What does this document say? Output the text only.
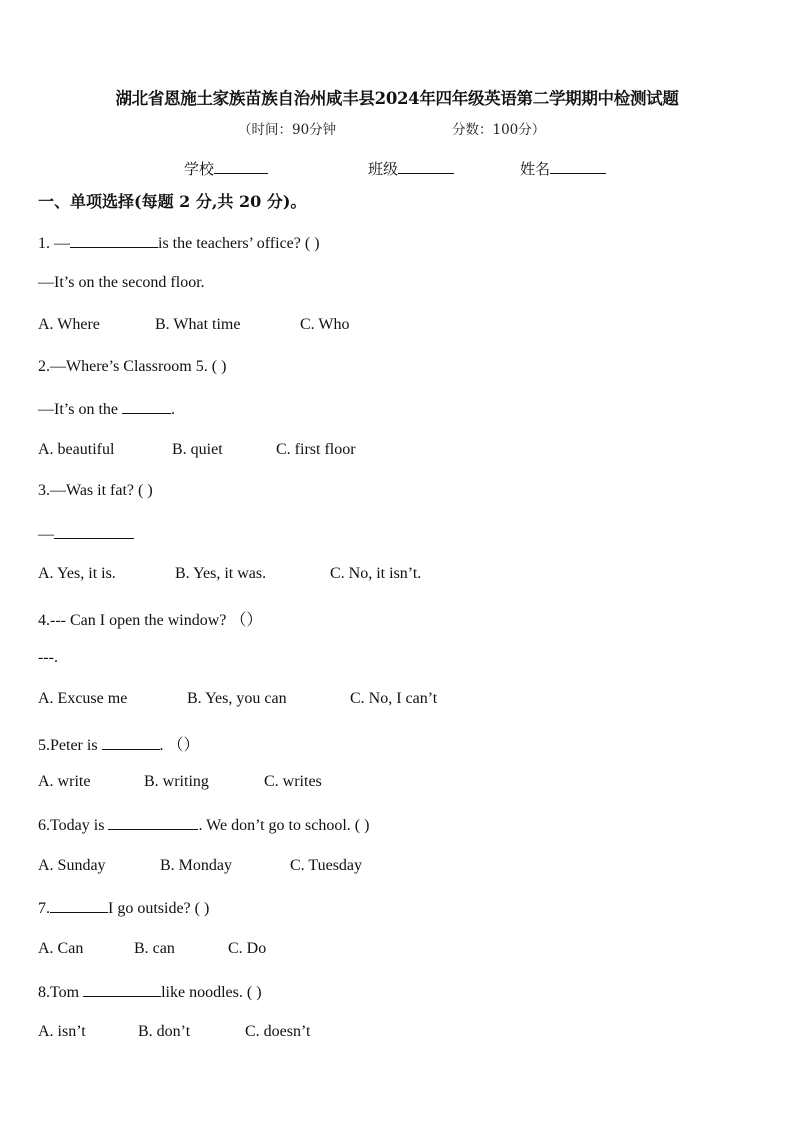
湖北省恩施土家族苗族自治州咸丰县2024年四年级英语第二学期期中检测试题
（时间：90分钟	分数：100分）
学校	班级	姓名
一、单项选择(每题 2 分,共 20 分)。
1. —	is the teachers’ office? ( )
—It’s on the second floor.
A. Where	B. What time	C. Who
2.—Where’s Classroom 5. ( )
—It’s on the	.
A. beautiful	B. quiet	C. first floor
3.—Was it fat? ( )
—
A. Yes, it is.	B. Yes, it was.	C. No, it isn’t.
4.--- Can I open the window? （）
---.
A. Excuse me	B. Yes, you can	C. No, I can’t
5.Peter is	. （）
A. write	B. writing	C. writes
6.Today is	. We don’t go to school. ( )
A. Sunday	B. Monday	C. Tuesday
7.	I go outside? ( )
A. Can	B. can	C. Do
8.Tom	like noodles. ( )
A. isn’t	B. don’t	C. doesn’t
